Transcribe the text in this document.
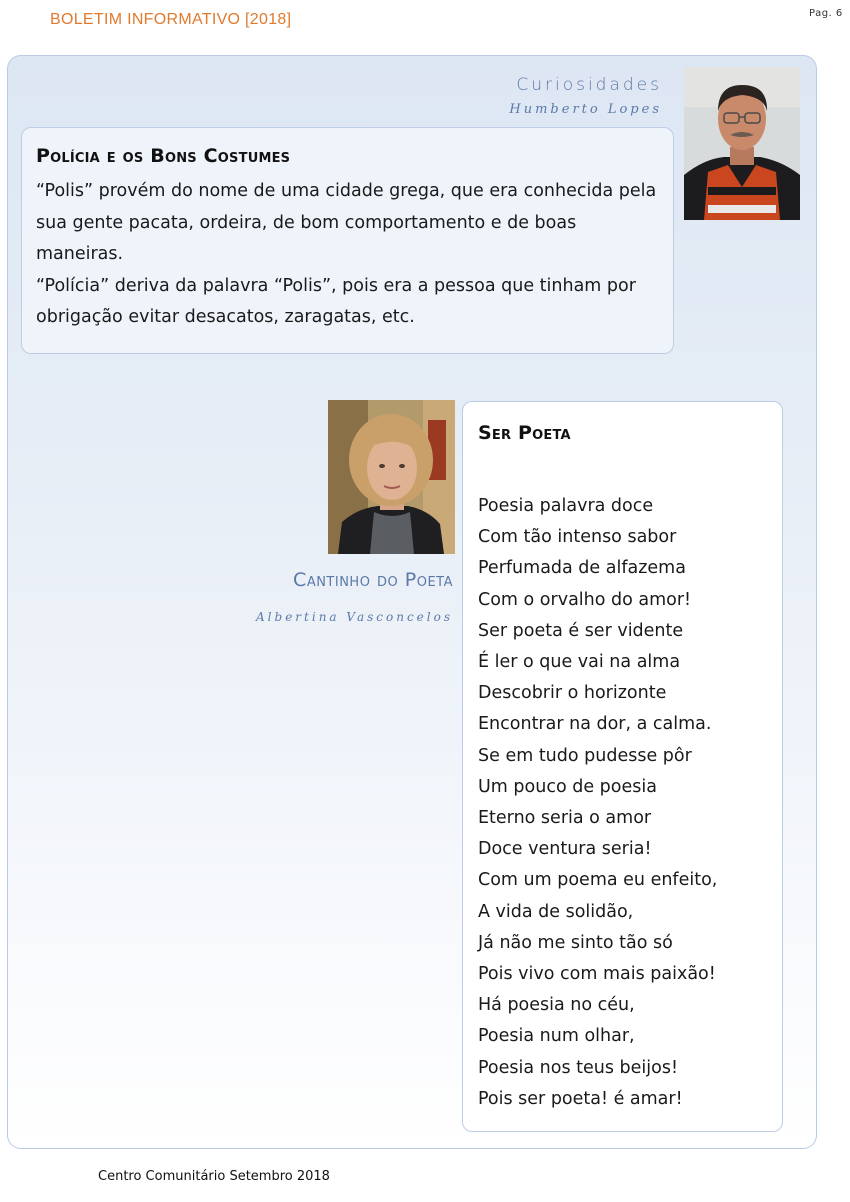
BOLETIM INFORMATIVO [2018]	Pag. 6
Curiosidades
Humberto Lopes
Polícia e os Bons Costumes

“Polis” provém do nome de uma cidade grega, que era conhecida pela sua gente pacata, ordeira, de bom comportamento e de boas maneiras.

“Polícia” deriva da palavra “Polis”, pois era a pessoa que tinham por obrigação evitar desacatos, zaragatas, etc.

Cantinho do Poeta
Albertina Vasconcelos
Ser Poeta
Poesia palavra doce
Com tão intenso sabor
Perfumada de alfazema
Com o orvalho do amor!
Ser poeta é ser vidente
É ler o que vai na alma
Descobrir o horizonte
Encontrar na dor, a calma.
Se em tudo pudesse pôr
Um pouco de poesia
Eterno seria o amor
Doce ventura seria!
Com um poema eu enfeito,
A vida de solidão,
Já não me sinto tão só
Pois vivo com mais paixão!
Há poesia no céu,
Poesia num olhar,
Poesia nos teus beijos!
Pois ser poeta! é amar!
Centro Comunitário Setembro 2018
